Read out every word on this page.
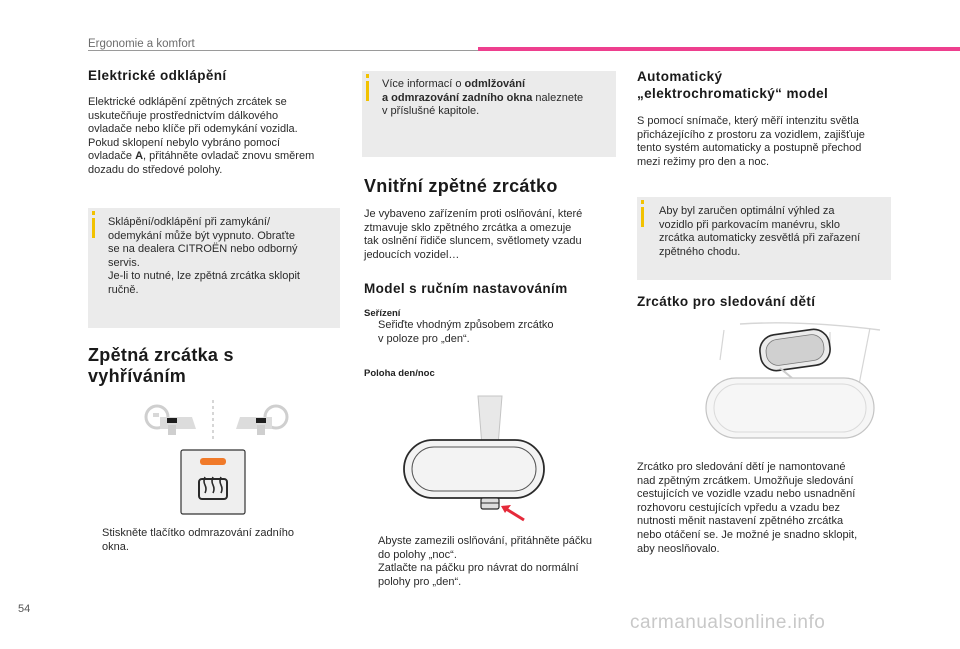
Ergonomie a komfort
Elektrické odklápění
Elektrické odklápění zpětných zrcátek se
uskutečňuje prostřednictvím dálkového
ovladače nebo klíče při odemykání vozidla.
Pokud sklopení nebylo vybráno pomocí
ovladače A, přitáhněte ovladač znovu směrem
dozadu do středové polohy.
Sklápění/odklápění při zamykání/
odemykání může být vypnuto. Obraťte
se na dealera CITROËN nebo odborný
servis.
Je-li to nutné, lze zpětná zrcátka sklopit
ručně.
Zpětná zrcátka s
vyhříváním
Stiskněte tlačítko odmrazování zadního
okna.
Více informací o odmlžování
a odmrazování zadního okna naleznete
v příslušné kapitole.
Vnitřní zpětné zrcátko
Je vybaveno zařízením proti oslňování, které
ztmavuje sklo zpětného zrcátka a omezuje
tak oslnění řidiče sluncem, světlomety vzadu
jedoucích vozidel…
Model s ručním nastavováním
Seřízení
Seřiďte vhodným způsobem zrcátko
v poloze pro „den“.
Poloha den/noc
Abyste zamezili oslňování, přitáhněte páčku
do polohy „noc“.
Zatlačte na páčku pro návrat do normální
polohy pro „den“.
Automatický
„elektrochromatický“ model
S pomocí snímače, který měří intenzitu světla
přicházejícího z prostoru za vozidlem, zajišťuje
tento systém automaticky a postupně přechod
mezi režimy pro den a noc.
Aby byl zaručen optimální výhled za
vozidlo při parkovacím manévru, sklo
zrcátka automaticky zesvětlá při zařazení
zpětného chodu.
Zrcátko pro sledování dětí
Zrcátko pro sledování dětí je namontované
nad zpětným zrcátkem. Umožňuje sledování
cestujících ve vozidle vzadu nebo usnadnění
rozhovoru cestujících vpředu a vzadu bez
nutnosti měnit nastavení zpětného zrcátka
nebo otáčení se. Je možné je snadno sklopit,
aby neoslňovalo.
54
carmanualsonline.info
